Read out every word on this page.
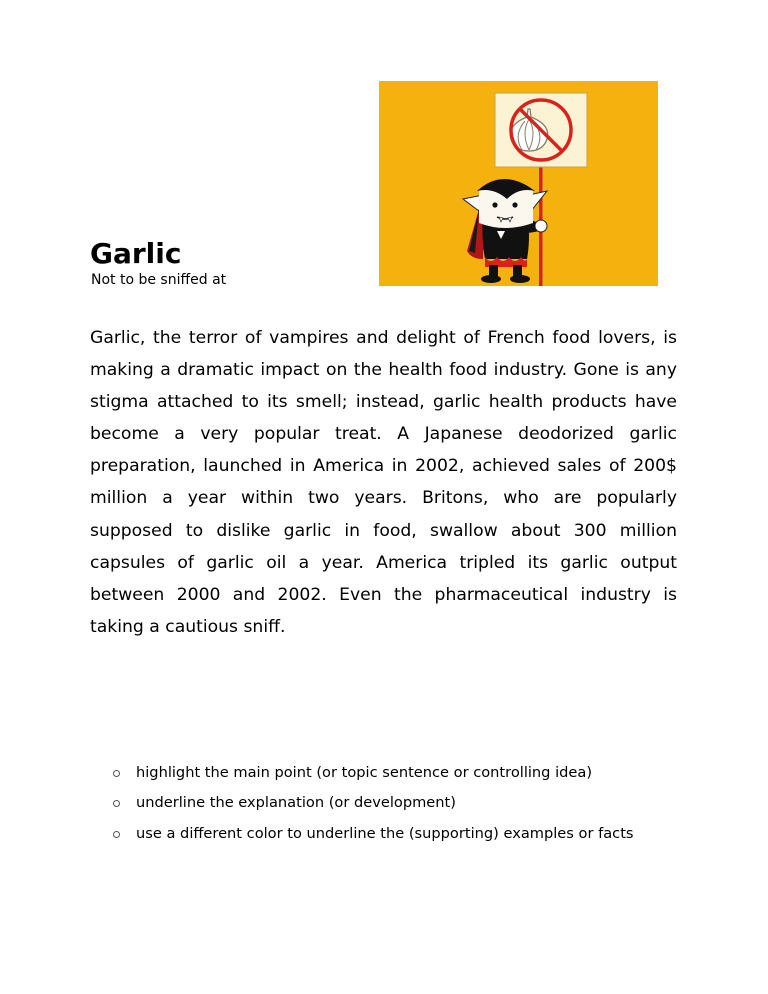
Garlic
Not to be sniffed at

Garlic, the terror of vampires and delight of French food lovers, is making a dramatic impact on the health food industry. Gone is any stigma attached to its smell; instead, garlic health products have become a very popular treat. A Japanese deodorized garlic preparation, launched in America in 2002, achieved sales of 200$ million a year within two years. Britons, who are popularly supposed to dislike garlic in food, swallow about 300 million capsules of garlic oil a year. America tripled its garlic output between 2000 and 2002. Even the pharmaceutical industry is taking a cautious sniff.

highlight the main point (or topic sentence or controlling idea)
underline the explanation (or development)
use a different color to underline the (supporting) examples or facts
